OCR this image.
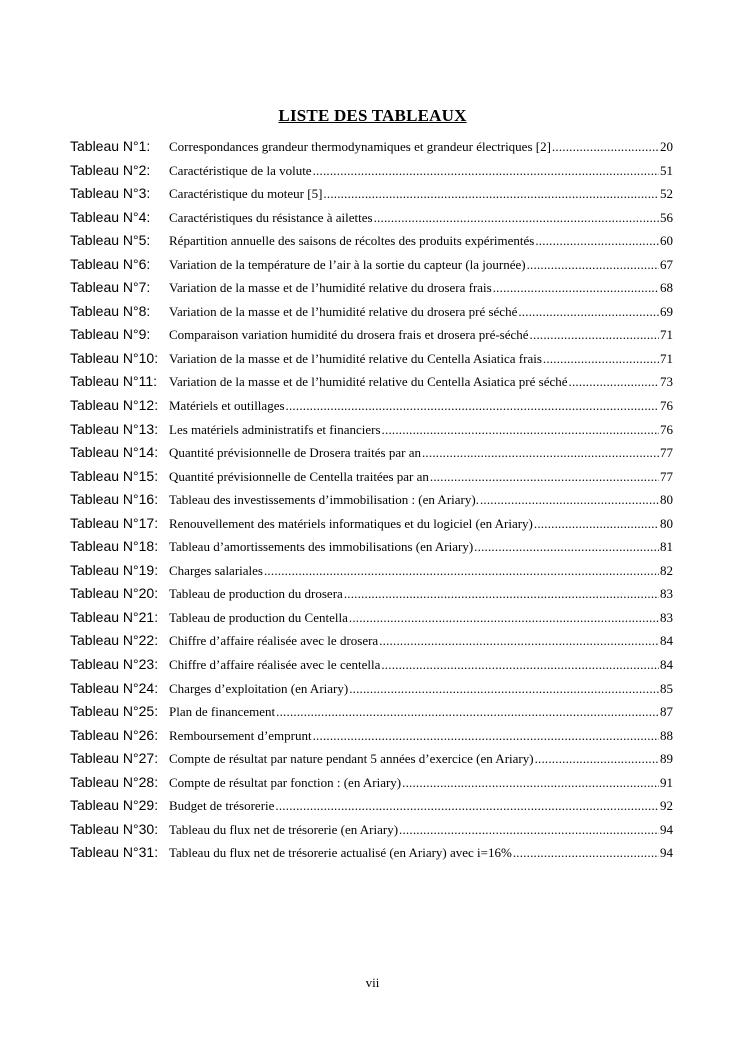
LISTE DES TABLEAUX
Tableau N°1:	Correspondances grandeur thermodynamiques et grandeur électriques [2] .....	20
Tableau N°2:	Caractéristique de la volute .....	51
Tableau N°3:	Caractéristique du moteur [5] .....	52
Tableau N°4:	Caractéristiques du résistance à ailettes .....	56
Tableau N°5:	Répartition annuelle des saisons de récoltes des produits expérimentés .....	60
Tableau N°6:	Variation de la température de l’air à la sortie du capteur (la journée) .....	67
Tableau N°7:	Variation de la masse et de l’humidité relative du drosera frais .....	68
Tableau N°8:	Variation de la masse et de l’humidité relative du drosera pré séché .....	69
Tableau N°9:	Comparaison variation humidité du drosera frais et drosera pré-séché .....	71
Tableau N°10: Variation de la masse et de l’humidité relative du Centella Asiatica frais .....	71
Tableau N°11: Variation de la masse et de l’humidité relative du Centella Asiatica pré séché .....	73
Tableau N°12: Matériels et outillages .....	76
Tableau N°13: Les matériels administratifs et financiers .....	76
Tableau N°14: Quantité prévisionnelle de Drosera traités par an .....	77
Tableau N°15: Quantité prévisionnelle de Centella traitées par an .....	77
Tableau N°16: Tableau des investissements d’immobilisation : (en Ariary). .....	80
Tableau N°17: Renouvellement des matériels informatiques et du logiciel (en Ariary) .....	80
Tableau N°18: Tableau d’amortissements des immobilisations (en Ariary) .....	81
Tableau N°19: Charges salariales .....	82
Tableau N°20: Tableau de production du drosera .....	83
Tableau N°21: Tableau de production du Centella .....	83
Tableau N°22: Chiffre d’affaire réalisée avec le drosera .....	84
Tableau N°23: Chiffre d’affaire réalisée avec le centella .....	84
Tableau N°24: Charges d’exploitation (en Ariary) .....	85
Tableau N°25: Plan de financement .....	87
Tableau N°26: Remboursement d’emprunt .....	88
Tableau N°27: Compte de résultat par nature pendant 5 années d’exercice (en Ariary) .....	89
Tableau N°28: Compte de résultat par fonction : (en Ariary) .....	91
Tableau N°29: Budget de trésorerie .....	92
Tableau N°30: Tableau du flux net de trésorerie (en Ariary) .....	94
Tableau N°31: Tableau du flux net de trésorerie actualisé (en Ariary) avec i=16% .....	94
vii
